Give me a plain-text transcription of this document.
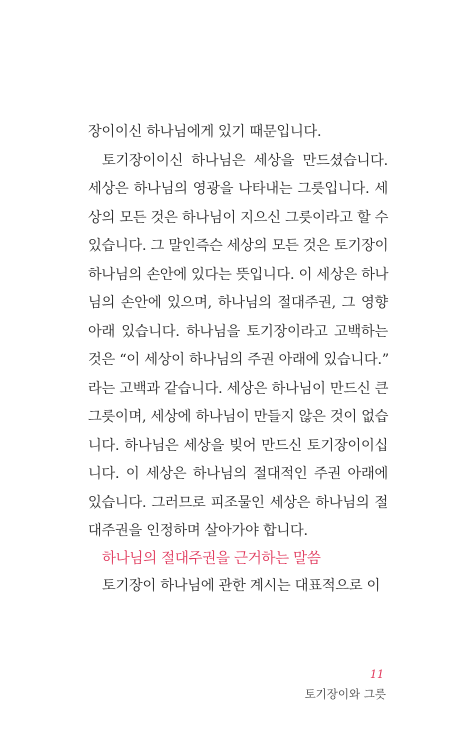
장이이신 하나님에게 있기 때문입니다.
토기장이이신 하나님은 세상을 만드셨습니다.
세상은 하나님의 영광을 나타내는 그릇입니다. 세
상의 모든 것은 하나님이 지으신 그릇이라고 할 수
있습니다. 그 말인즉슨 세상의 모든 것은 토기장이
하나님의 손안에 있다는 뜻입니다. 이 세상은 하나
님의 손안에 있으며, 하나님의 절대주권, 그 영향
아래 있습니다. 하나님을 토기장이라고 고백하는
것은 “이 세상이 하나님의 주권 아래에 있습니다.”
라는 고백과 같습니다. 세상은 하나님이 만드신 큰
그릇이며, 세상에 하나님이 만들지 않은 것이 없습
니다. 하나님은 세상을 빚어 만드신 토기장이이십
니다. 이 세상은 하나님의 절대적인 주권 아래에
있습니다. 그러므로 피조물인 세상은 하나님의 절
대주권을 인정하며 살아가야 합니다.
하나님의 절대주권을 근거하는 말씀
토기장이 하나님에 관한 계시는 대표적으로 이
11
토기장이와 그릇
